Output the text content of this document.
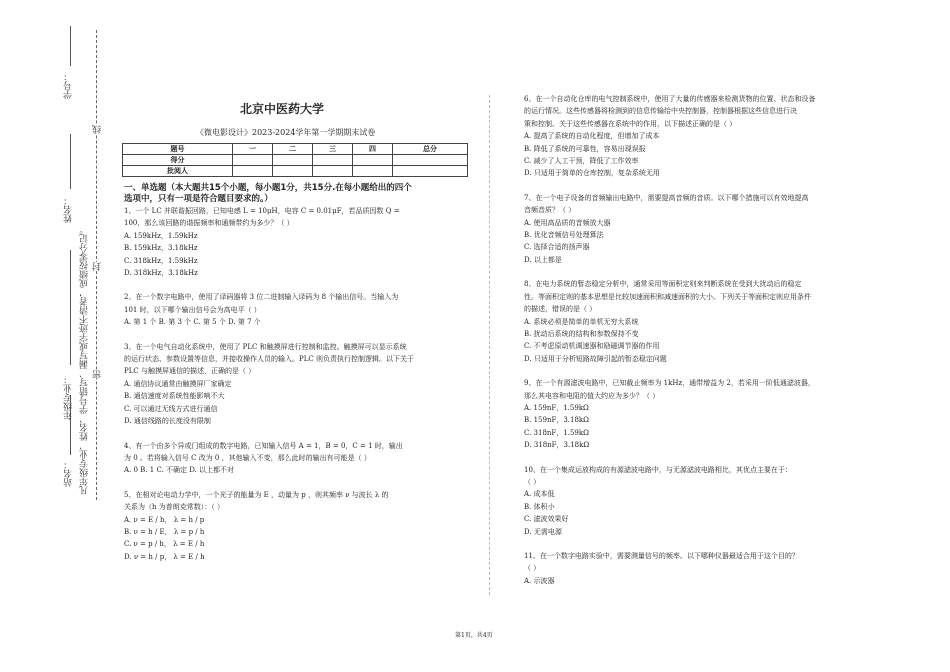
学号：
姓名：
凡年级专业、姓名、学号错写、漏写或字迹不清者，成绩按零分记。
年级专业：
站名：
线
封
密
北京中医药大学
《微电影设计》2023-2024学年第一学期期末试卷
题号	一	二	三	四	总分
得分					
批阅人					
一、单选题（本大题共15个小题，每小题1分，共15分.在每小题给出的四个
选项中，只有一项是符合题目要求的。）

1、一个 LC 并联谐振回路，已知电感 L = 10μH，电容 C = 0.01μF，若品质因数 Q =

100，那么该回路的谐振频率和通频带约为多少？（ ）

A. 159kHz，1.59kHz

B. 159kHz，3.18kHz

C. 318kHz，1.59kHz

D. 318kHz，3.18kHz

2、在一个数字电路中，使用了译码器将 3 位二进制输入译码为 8 个输出信号。当输入为

101 时，以下哪个输出信号会为高电平（ ）

A. 第 1 个 B. 第 3 个 C. 第 5 个 D. 第 7 个

3、在一个电气自动化系统中，使用了 PLC 和触摸屏进行控制和监控。触摸屏可以显示系统

的运行状态、参数设置等信息，并接收操作人员的输入。PLC 则负责执行控制逻辑。以下关于

PLC 与触摸屏通信的描述，正确的是（ ）

A. 通信协议通常由触摸屏厂家确定

B. 通信速度对系统性能影响不大

C. 可以通过无线方式进行通信

D. 通信线路的长度没有限制

4、有一个由多个异或门组成的数字电路，已知输入信号 A = 1，B = 0，C = 1 时，输出

为 0 。若将输入信号 C 改为 0 ，其他输入不变，那么此时的输出有可能是（ ）

A. 0 B. 1 C. 不确定 D. 以上都不对

5、在相对论电动力学中，一个光子的能量为 E ，动量为 p ，则其频率 ν 与波长 λ 的

关系为（h 为普朗克常数）：（ ）

A. ν = E / h， λ = h / p

B. ν = h / E， λ = p / h

C. ν = p / h， λ = E / h

D. ν = h / p， λ = E / h

6、在一个自动化仓库的电气控制系统中，使用了大量的传感器来检测货物的位置、状态和设备

的运行情况。这些传感器将检测到的信息传输给中央控制器，控制器根据这些信息进行决

策和控制。关于这些传感器在系统中的作用，以下描述正确的是（ ）

A. 提高了系统的自动化程度，但增加了成本

B. 降低了系统的可靠性，容易出现误报

C. 减少了人工干预，降低了工作效率

D. 只适用于简单的仓库控制，复杂系统无用

7、在一个电子设备的音频输出电路中，需要提高音频的音质。以下哪个措施可以有效地提高

音频音质？（ ）

A. 使用高品质的音频放大器

B. 优化音频信号处理算法

C. 选择合适的扬声器

D. 以上都是

8、在电力系统的暂态稳定分析中，通常采用等面积定则来判断系统在受到大扰动后的稳定

性。等面积定则的基本思想是比较加速面积和减速面积的大小。下列关于等面积定则应用条件

的描述，错误的是（ ）

A. 系统必须是简单的单机无穷大系统

B. 扰动后系统的结构和参数保持不变

C. 不考虑原动机调速器和励磁调节器的作用

D. 只适用于分析短路故障引起的暂态稳定问题

9、在一个有源滤波电路中，已知截止频率为 1kHz，通带增益为 2，若采用一阶低通滤波器，

那么其电容和电阻的值大约应为多少？（ ）

A. 159nF，1.59kΩ

B. 159nF，3.18kΩ

C. 318nF，1.59kΩ

D. 318nF，3.18kΩ

10、在一个集成运放构成的有源滤波电路中，与无源滤波电路相比，其优点主要在于：

（ ）

A. 成本低

B. 体积小

C. 滤波效果好

D. 无需电源

11、在一个数字电路实验中，需要测量信号的频率。以下哪种仪器最适合用于这个目的？

（ ）

A. 示波器

第1页，共4页
